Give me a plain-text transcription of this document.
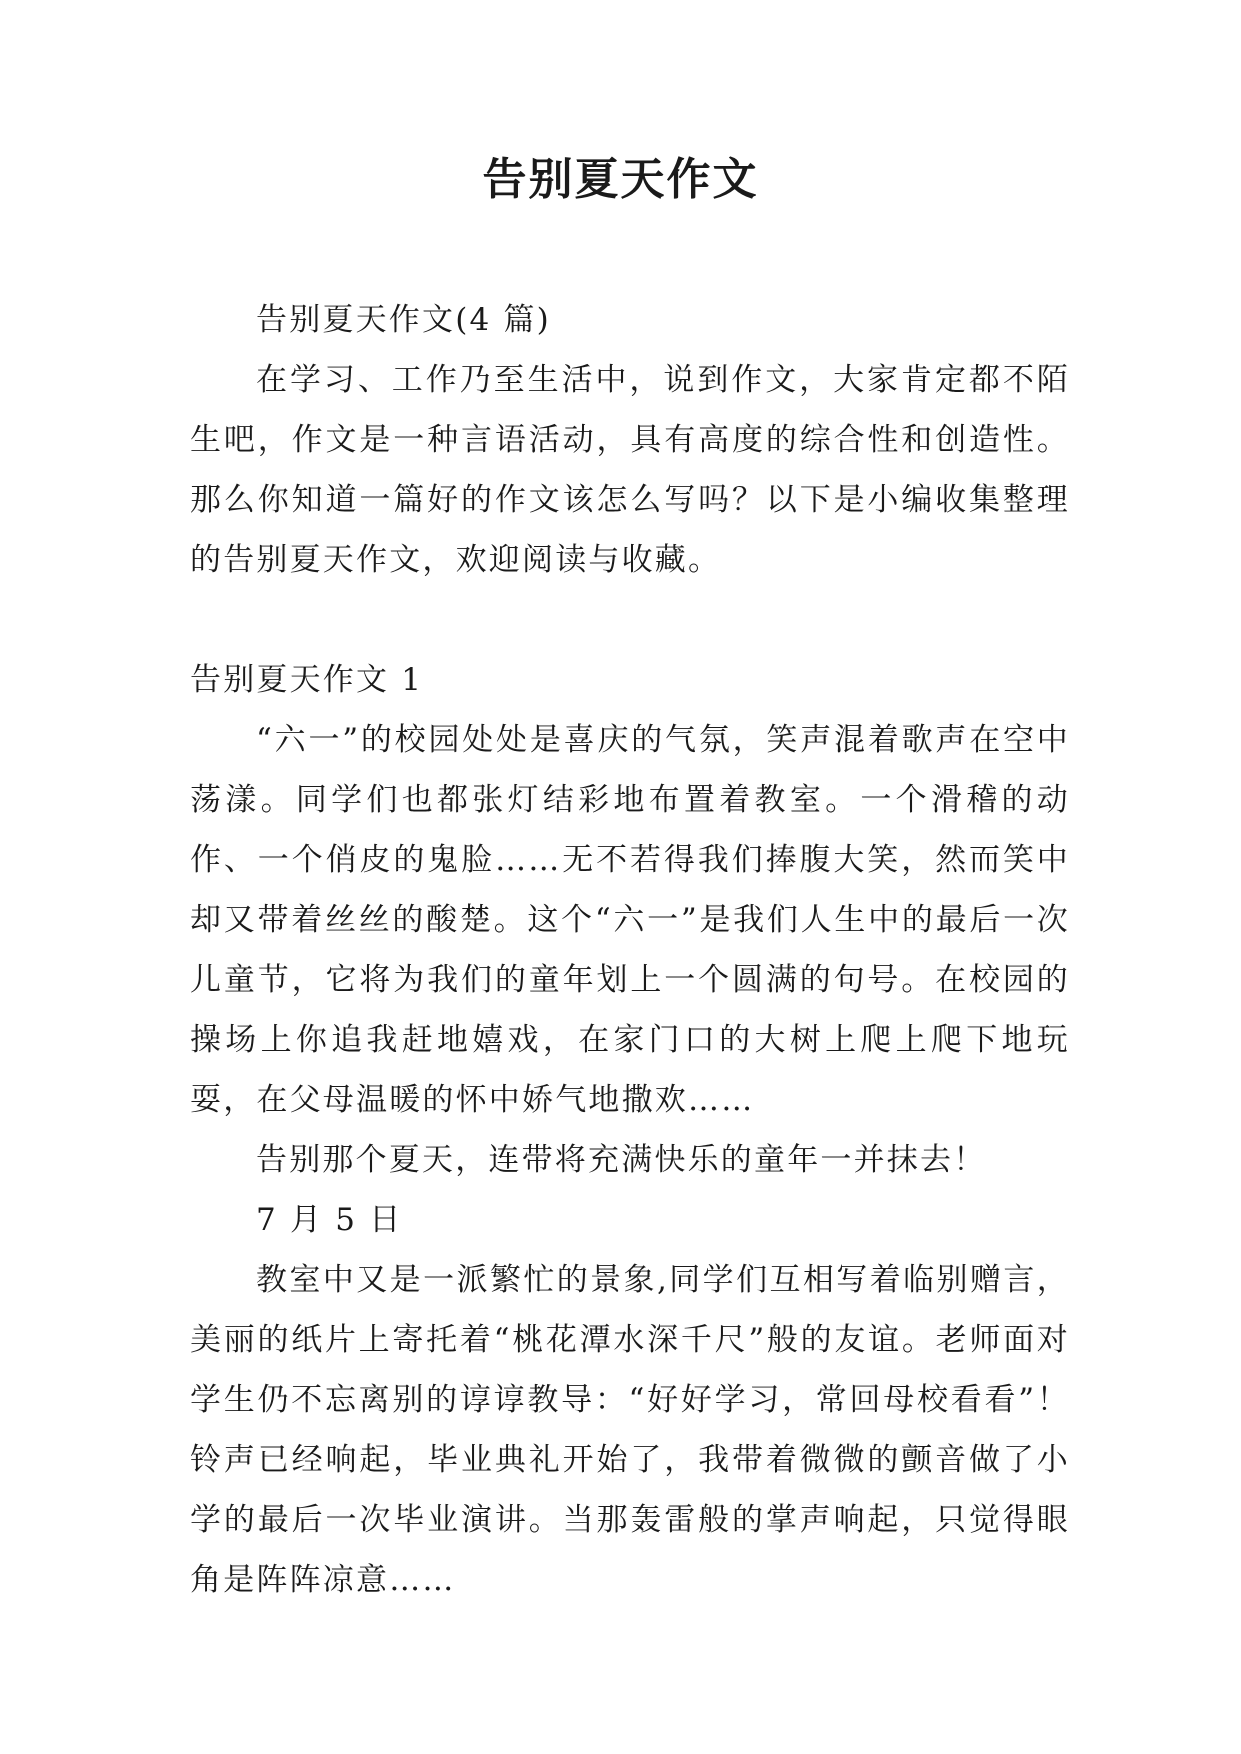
告别夏天作文

告别夏天作文(4 篇)

在学习、工作乃至生活中，说到作文，大家肯定都不陌生吧，作文是一种言语活动，具有高度的综合性和创造性。那么你知道一篇好的作文该怎么写吗？以下是小编收集整理的告别夏天作文，欢迎阅读与收藏。

告别夏天作文 1

“六一”的校园处处是喜庆的气氛，笑声混着歌声在空中荡漾。同学们也都张灯结彩地布置着教室。一个滑稽的动作、一个俏皮的鬼脸……无不若得我们捧腹大笑，然而笑中却又带着丝丝的酸楚。这个“六一”是我们人生中的最后一次儿童节，它将为我们的童年划上一个圆满的句号。在校园的操场上你追我赶地嬉戏，在家门口的大树上爬上爬下地玩耍，在父母温暖的怀中娇气地撒欢……

告别那个夏天，连带将充满快乐的童年一并抹去！

7 月 5 日

教室中又是一派繁忙的景象,同学们互相写着临别赠言，美丽的纸片上寄托着“桃花潭水深千尺”般的友谊。老师面对学生仍不忘离别的谆谆教导：“好好学习，常回母校看看”！铃声已经响起，毕业典礼开始了，我带着微微的颤音做了小学的最后一次毕业演讲。当那轰雷般的掌声响起，只觉得眼角是阵阵凉意……
